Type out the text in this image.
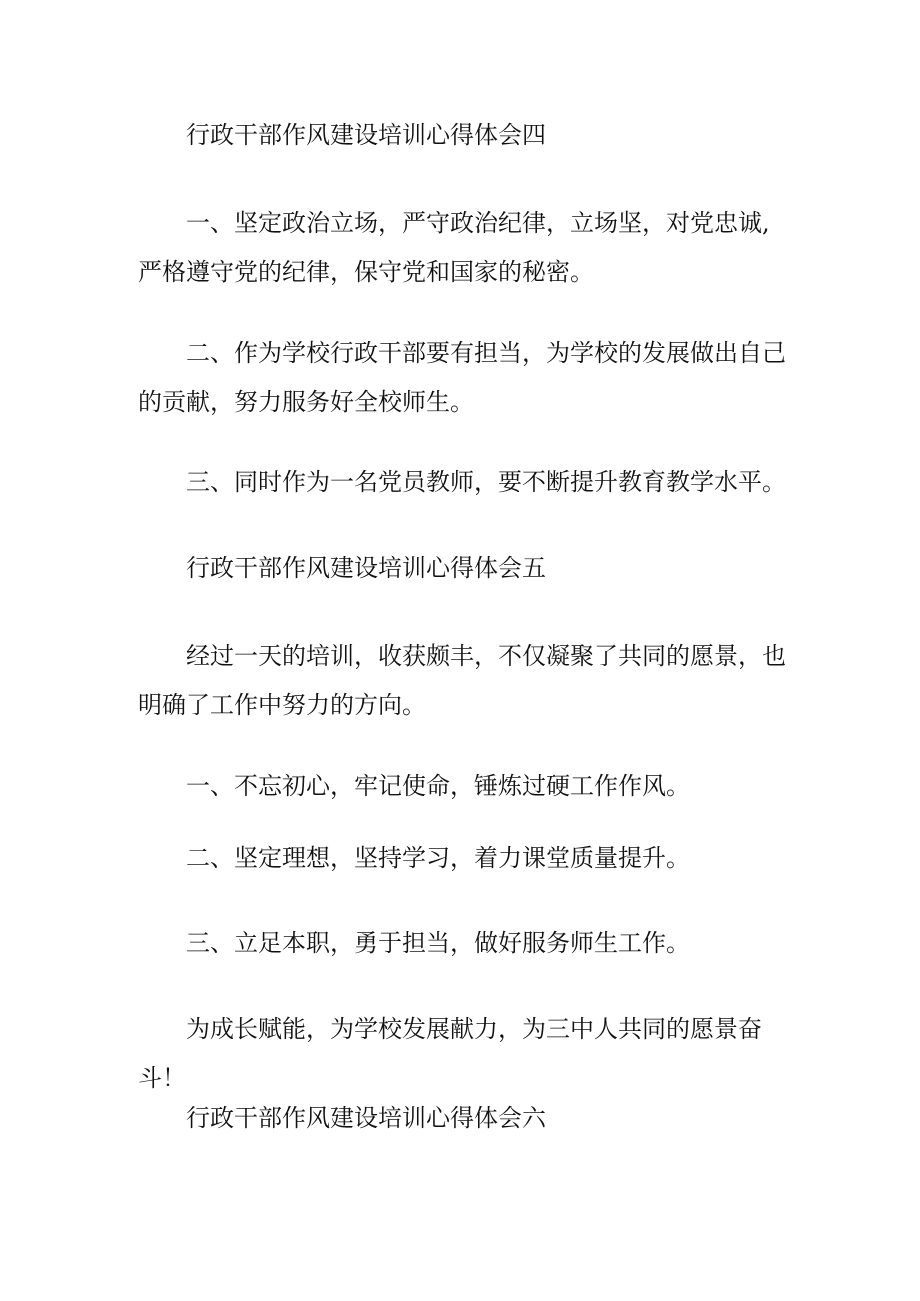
行政干部作风建设培训心得体会四

一、坚定政治立场，严守政治纪律，立场坚，对党忠诚,严格遵守党的纪律，保守党和国家的秘密。

二、作为学校行政干部要有担当，为学校的发展做出自己的贡献，努力服务好全校师生。

三、同时作为一名党员教师，要不断提升教育教学水平。

行政干部作风建设培训心得体会五

经过一天的培训，收获颇丰，不仅凝聚了共同的愿景，也明确了工作中努力的方向。

一、不忘初心，牢记使命，锤炼过硬工作作风。

二、坚定理想，坚持学习，着力课堂质量提升。

三、立足本职，勇于担当，做好服务师生工作。

为成长赋能，为学校发展献力，为三中人共同的愿景奋斗！

行政干部作风建设培训心得体会六
